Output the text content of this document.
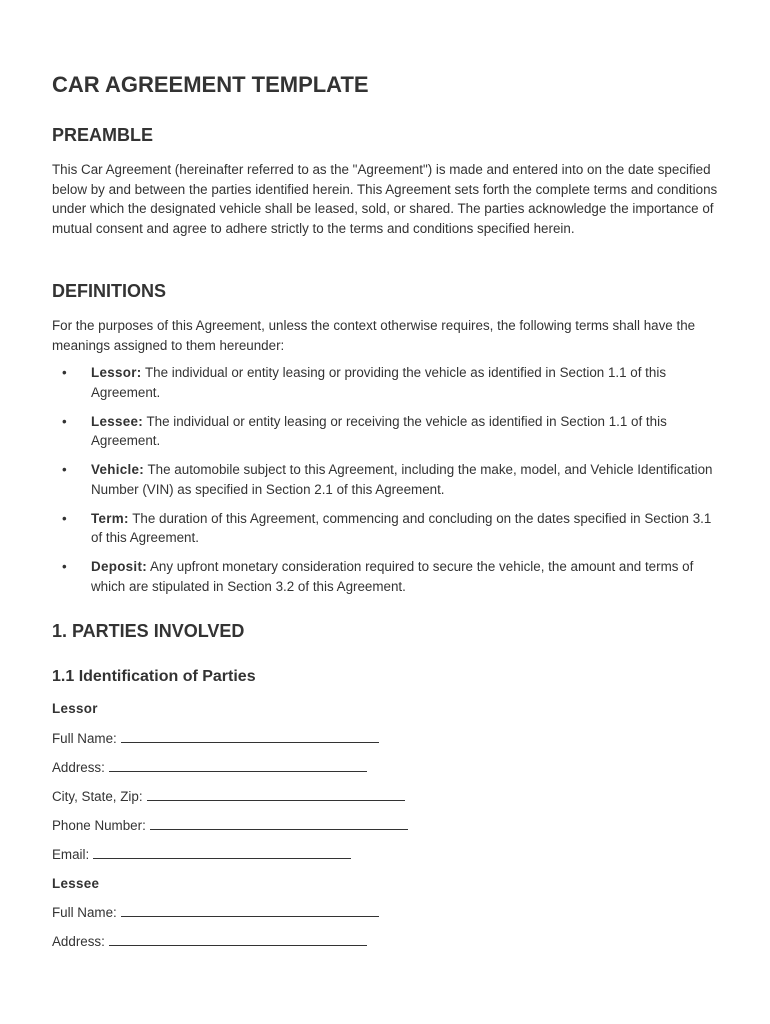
CAR AGREEMENT TEMPLATE
PREAMBLE

This Car Agreement (hereinafter referred to as the "Agreement") is made and entered into on the date specified below by and between the parties identified herein. This Agreement sets forth the complete terms and conditions under which the designated vehicle shall be leased, sold, or shared. The parties acknowledge the importance of mutual consent and agree to adhere strictly to the terms and conditions specified herein.

DEFINITIONS

For the purposes of this Agreement, unless the context otherwise requires, the following terms shall have the meanings assigned to them hereunder:

• Lessor: The individual or entity leasing or providing the vehicle as identified in Section 1.1 of this Agreement.
• Lessee: The individual or entity leasing or receiving the vehicle as identified in Section 1.1 of this Agreement.
• Vehicle: The automobile subject to this Agreement, including the make, model, and Vehicle Identification Number (VIN) as specified in Section 2.1 of this Agreement.
• Term: The duration of this Agreement, commencing and concluding on the dates specified in Section 3.1 of this Agreement.
• Deposit: Any upfront monetary consideration required to secure the vehicle, the amount and terms of which are stipulated in Section 3.2 of this Agreement.
1. PARTIES INVOLVED
1.1 Identification of Parties
Lessor
Full Name:
Address:
City, State, Zip:
Phone Number:
Email:
Lessee
Full Name:
Address:
